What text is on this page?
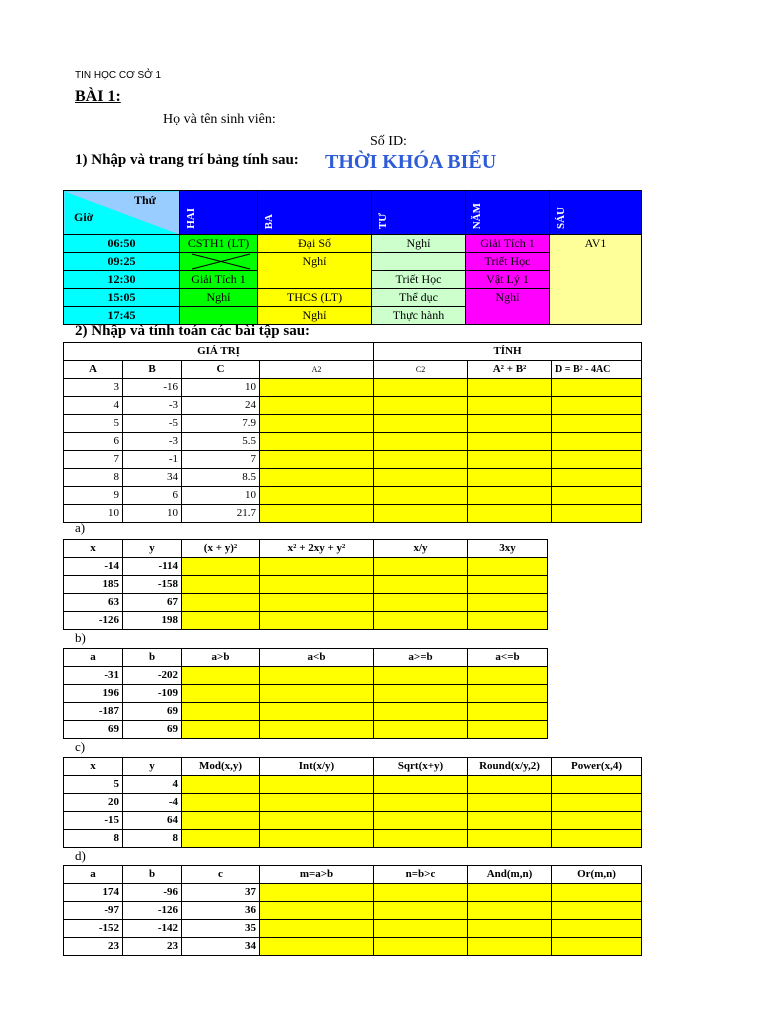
TIN HỌC CƠ SỞ 1
BÀI 1:
Họ và tên sinh viên:
Số ID:
1) Nhập và trang trí bảng tính sau: THỜI KHÓA BIỂU
Thứ
Giờ	HAI	BA	TƯ	NĂM	SÁU
06:50	CSTH1 (LT)	Đại Số	Nghỉ	Giải Tích 1	AV1
09:25		Nghỉ		Triết Học	
12:30	Giải Tích 1		Triết Học	Vật Lý 1	
15:05	Nghỉ	THCS (LT)	Thể dục	Nghỉ	
17:45		Nghỉ	Thực hành		
2) Nhập và tính toán các bài tập sau:
GIÁ TRỊ				TÍNH		
A	B	C	A2	C2	A² + B²	D = B² - 4AC
3	-16	10				
4	-3	24				
5	-5	7.9				
6	-3	5.5				
7	-1	7				
8	34	8.5				
9	6	10				
10	10	21.7				
a)
x	y	(x + y)²	x² + 2xy + y²	x/y	3xy
-14	-114				
185	-158				
63	67				
-126	198				
b)
a	b	a>b	a<b	a>=b	a<=b
-31	-202				
196	-109				
-187	69				
69	69				
c)
x	y	Mod(x,y)	Int(x/y)	Sqrt(x+y)	Round(x/y,2)	Power(x,4)
5	4					
20	-4					
-15	64					
8	8					
d)
a	b	c	m=a>b	n=b>c	And(m,n)	Or(m,n)
174	-96	37				
-97	-126	36				
-152	-142	35				
23	23	34				
